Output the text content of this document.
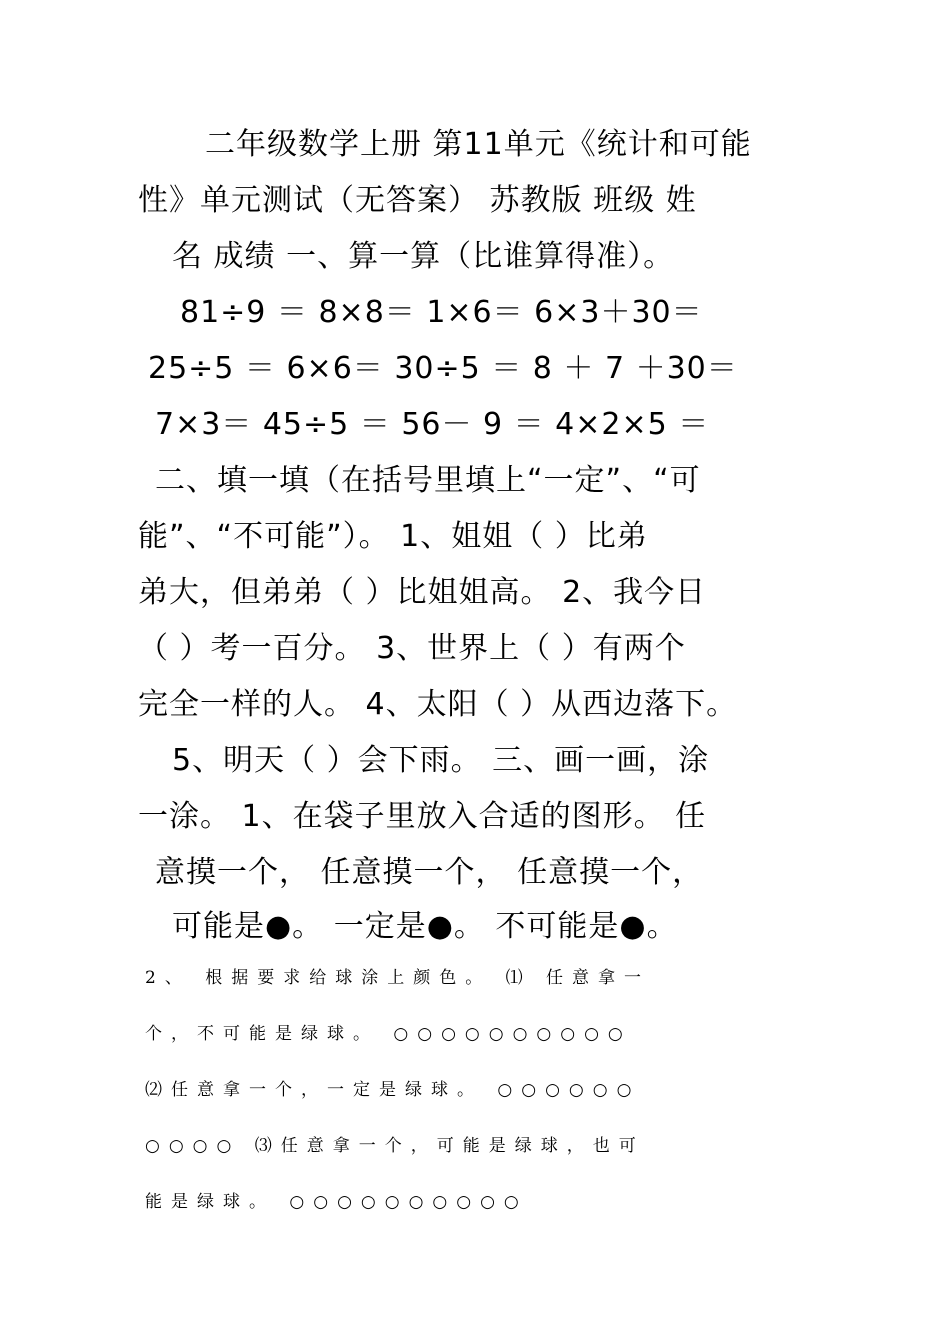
二年级数学上册 第11单元《统计和可能
性》单元测试（无答案） 苏教版 班级 姓
名 成绩 一、算一算（比谁算得准）。
81÷9 ＝ 8×8＝ 1×6＝ 6×3＋30＝
25÷5 ＝ 6×6＝ 30÷5 ＝ 8 ＋ 7 ＋30＝
7×3＝ 45÷5 ＝ 56－ 9 ＝ 4×2×5 ＝
二、填一填（在括号里填上“一定”、“可
能”、“不可能”）。 1、姐姐（ ）比弟
弟大，但弟弟（ ）比姐姐高。 2、我今日
（ ）考一百分。 3、世界上（ ）有两个
完全一样的人。 4、太阳（ ）从西边落下。
5、明天（ ）会下雨。 三、画一画，涂
一涂。 1、在袋子里放入合适的图形。 任
意摸一个， 任意摸一个， 任意摸一个，
可能是●。 一定是●。 不可能是●。
2、 根据要求给球涂上颜色。 ⑴ 任意拿一
个，不可能是绿球。 ○○○○○○○○○○
⑵任意拿一个，一定是绿球。 ○○○○○○
○○○○ ⑶任意拿一个，可能是绿球，也可
能是绿球。 ○○○○○○○○○○
